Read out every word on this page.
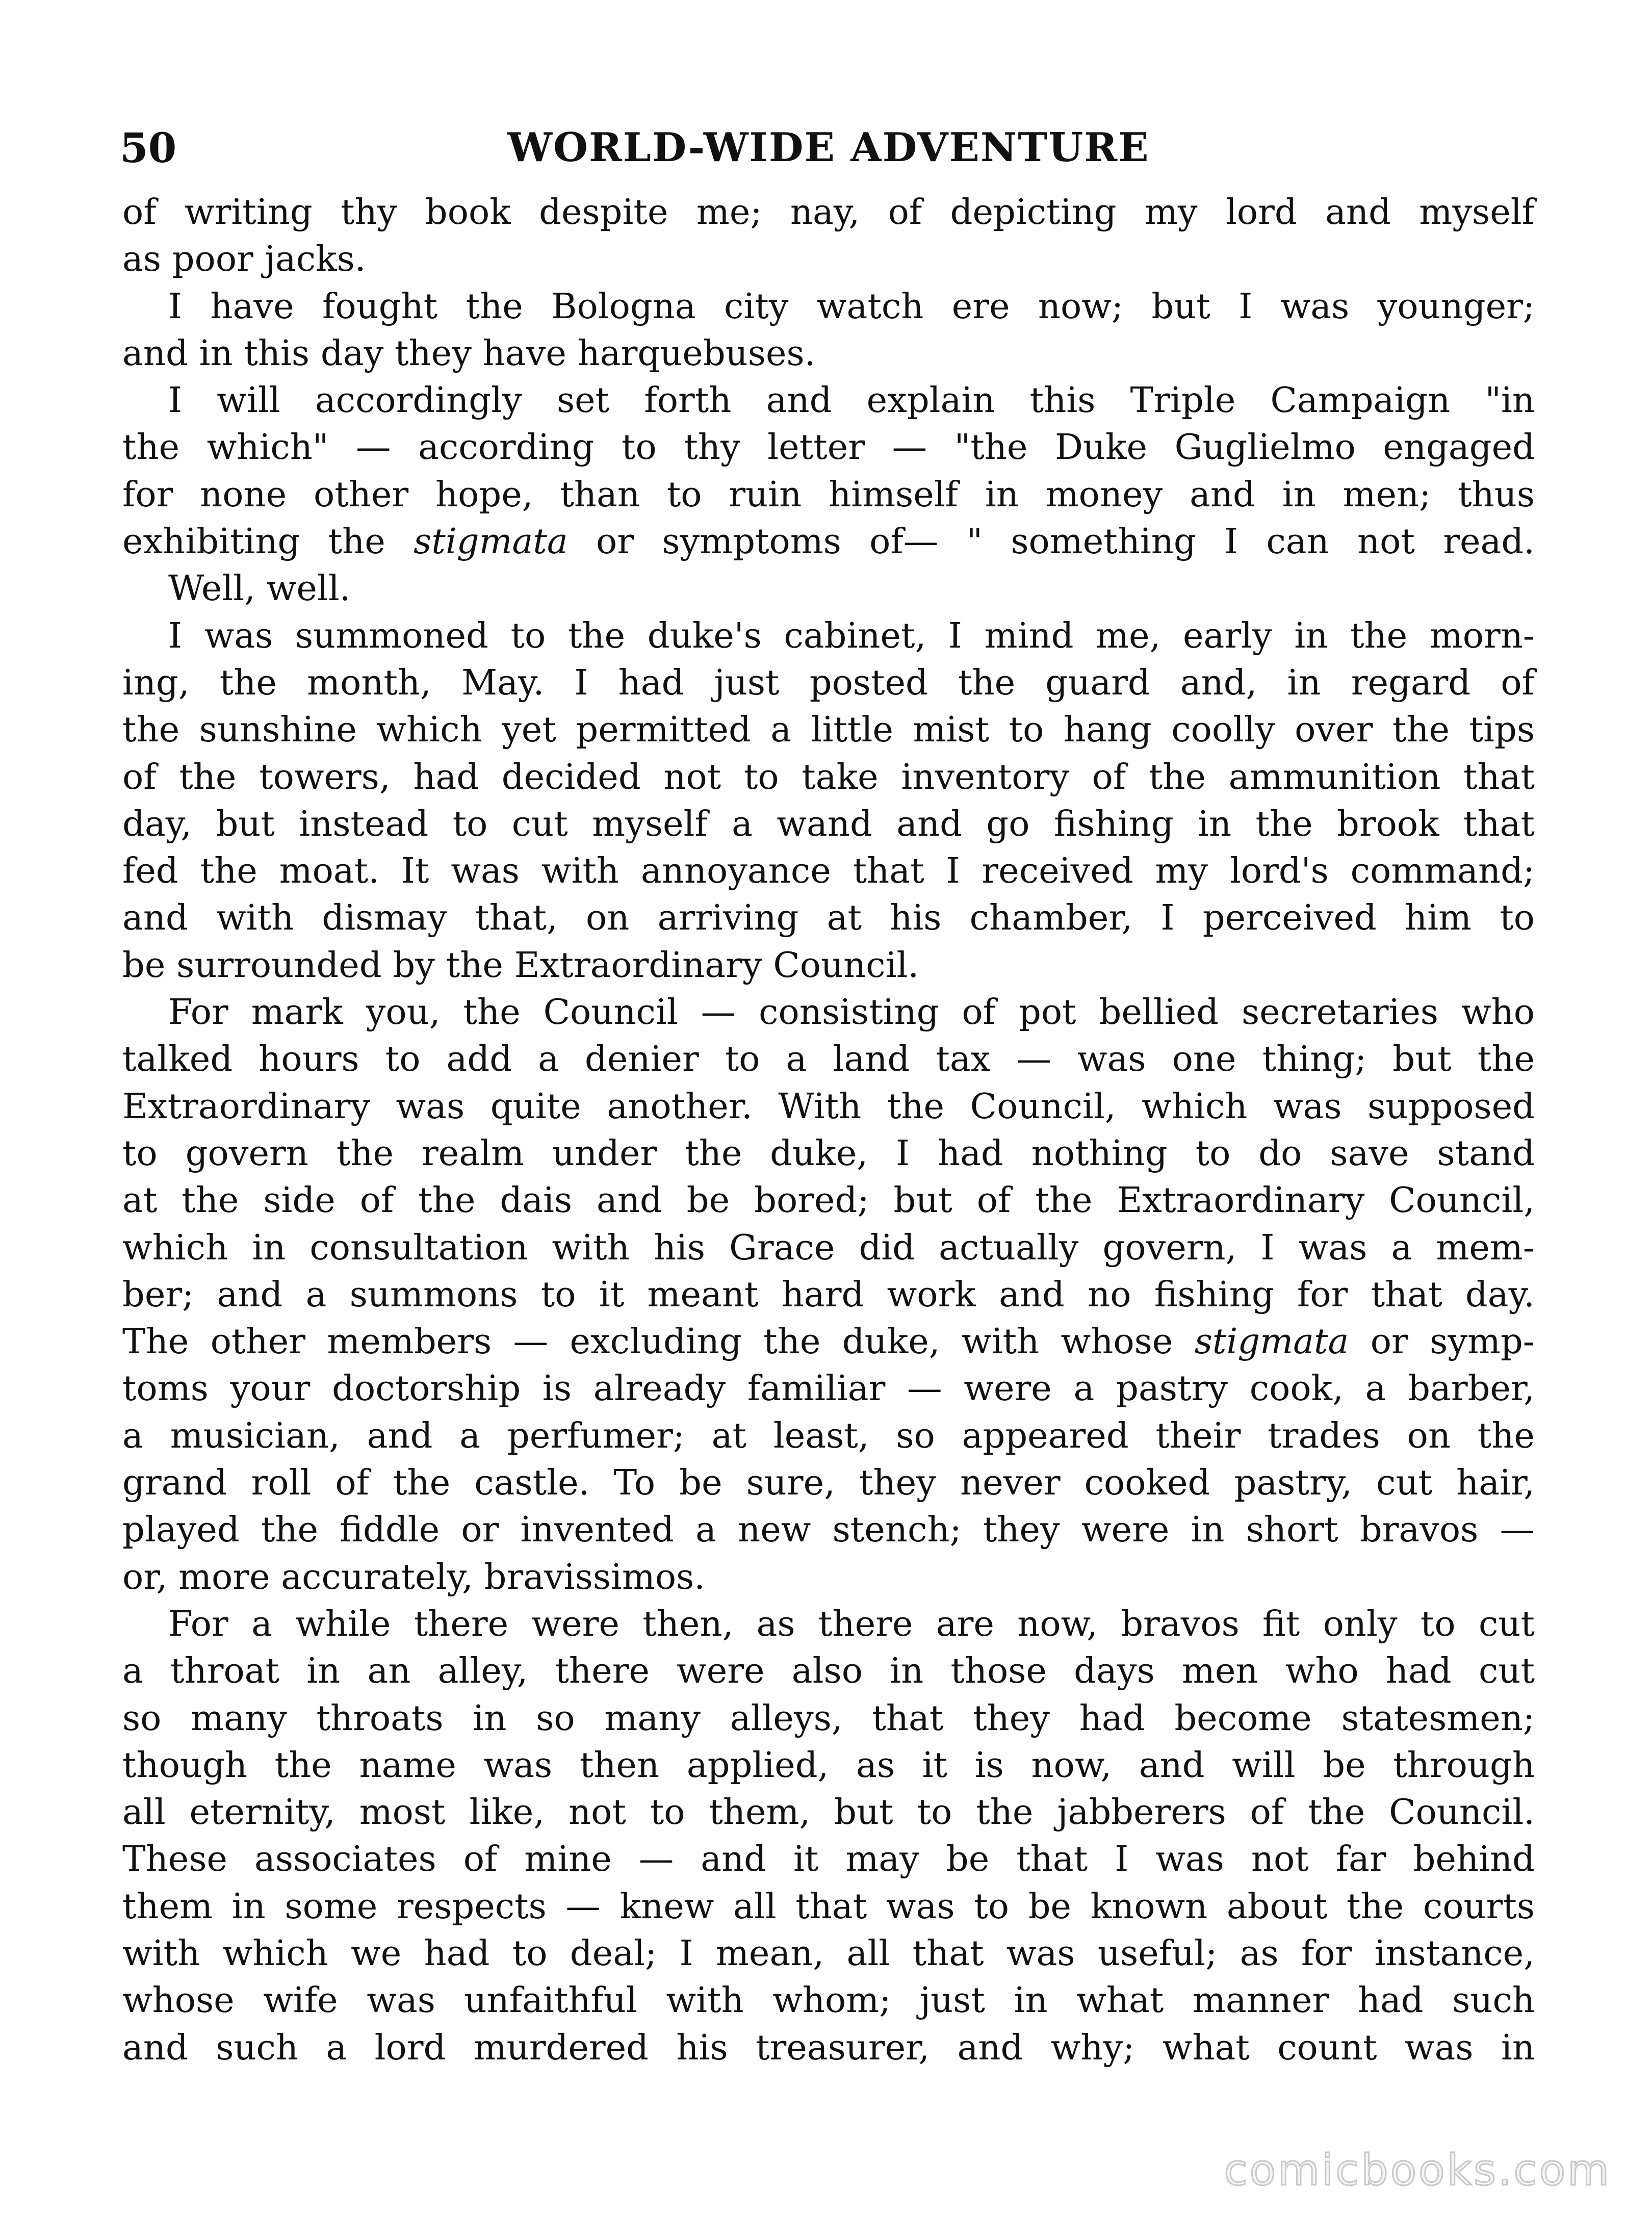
50	WORLD-WIDE ADVENTURE
of writing thy book despite me; nay, of depicting my lord and myself
as poor jacks.
I have fought the Bologna city watch ere now; but I was younger;
and in this day they have harquebuses.
I will accordingly set forth and explain this Triple Campaign "in
the which" — according to thy letter — "the Duke Guglielmo engaged
for none other hope, than to ruin himself in money and in men; thus
exhibiting the stigmata or symptoms of— " something I can not read.
Well, well.
I was summoned to the duke's cabinet, I mind me, early in the morn-
ing, the month, May. I had just posted the guard and, in regard of
the sunshine which yet permitted a little mist to hang coolly over the tips
of the towers, had decided not to take inventory of the ammunition that
day, but instead to cut myself a wand and go fishing in the brook that
fed the moat. It was with annoyance that I received my lord's command;
and with dismay that, on arriving at his chamber, I perceived him to
be surrounded by the Extraordinary Council.
For mark you, the Council — consisting of pot bellied secretaries who
talked hours to add a denier to a land tax — was one thing; but the
Extraordinary was quite another. With the Council, which was supposed
to govern the realm under the duke, I had nothing to do save stand
at the side of the dais and be bored; but of the Extraordinary Council,
which in consultation with his Grace did actually govern, I was a mem-
ber; and a summons to it meant hard work and no fishing for that day.
The other members — excluding the duke, with whose stigmata or symp-
toms your doctorship is already familiar — were a pastry cook, a barber,
a musician, and a perfumer; at least, so appeared their trades on the
grand roll of the castle. To be sure, they never cooked pastry, cut hair,
played the fiddle or invented a new stench; they were in short bravos —
or, more accurately, bravissimos.
For a while there were then, as there are now, bravos fit only to cut
a throat in an alley, there were also in those days men who had cut
so many throats in so many alleys, that they had become statesmen;
though the name was then applied, as it is now, and will be through
all eternity, most like, not to them, but to the jabberers of the Council.
These associates of mine — and it may be that I was not far behind
them in some respects — knew all that was to be known about the courts
with which we had to deal; I mean, all that was useful; as for instance,
whose wife was unfaithful with whom; just in what manner had such
and such a lord murdered his treasurer, and why; what count was in
comicbooks.com
